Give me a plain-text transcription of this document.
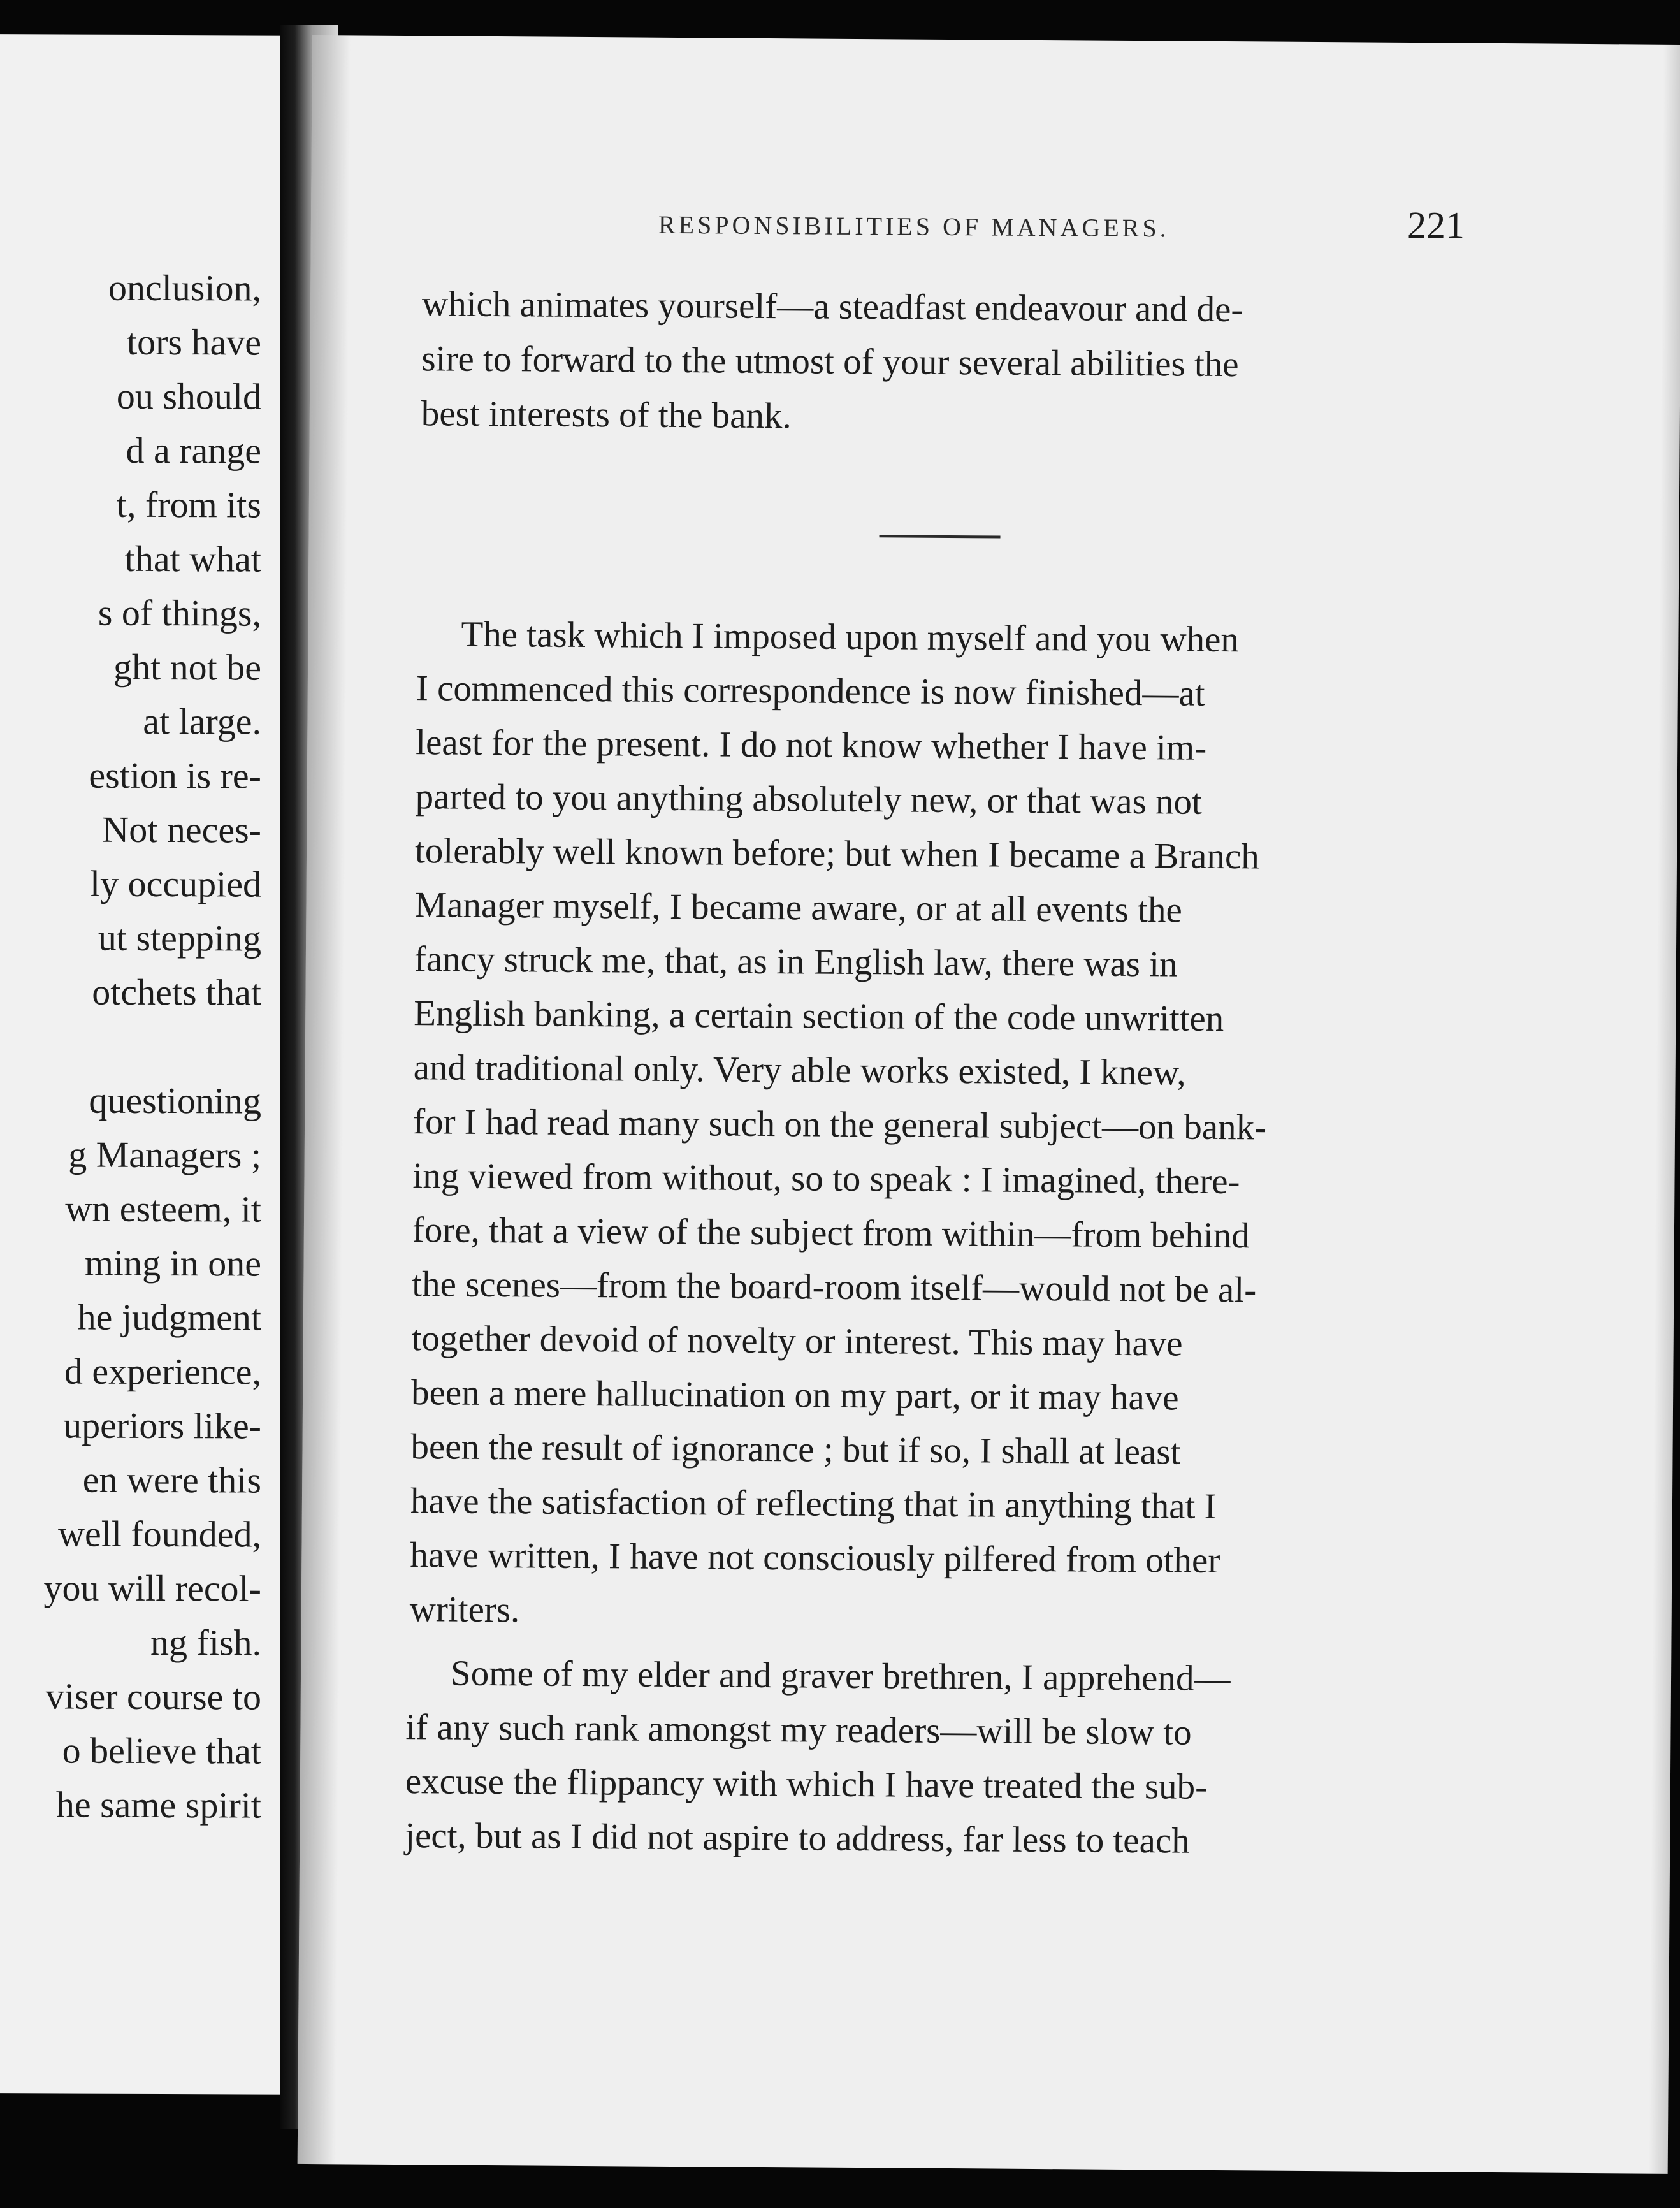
onclusion,
tors have
ou should
d a range
t, from its
that what
s of things,
ght not be
at large.
estion is re-
Not neces-
ly occupied
ut stepping
otchets that
questioning
g Managers ;
wn esteem, it
ming in one
he judgment
d experience,
uperiors like-
en were this
well founded,
you will recol-
ng fish.
viser course to
o believe that
he same spirit
RESPONSIBILITIES OF MANAGERS.	221
which animates yourself—a steadfast endeavour and de-
sire to forward to the utmost of your several abilities the
best interests of the bank.
The task which I imposed upon myself and you when
I commenced this correspondence is now finished—at
least for the present. I do not know whether I have im-
parted to you anything absolutely new, or that was not
tolerably well known before; but when I became a Branch
Manager myself, I became aware, or at all events the
fancy struck me, that, as in English law, there was in
English banking, a certain section of the code unwritten
and traditional only. Very able works existed, I knew,
for I had read many such on the general subject—on bank-
ing viewed from without, so to speak : I imagined, there-
fore, that a view of the subject from within—from behind
the scenes—from the board-room itself—would not be al-
together devoid of novelty or interest. This may have
been a mere hallucination on my part, or it may have
been the result of ignorance ; but if so, I shall at least
have the satisfaction of reflecting that in anything that I
have written, I have not consciously pilfered from other
writers.
Some of my elder and graver brethren, I apprehend—
if any such rank amongst my readers—will be slow to
excuse the flippancy with which I have treated the sub-
ject, but as I did not aspire to address, far less to teach
